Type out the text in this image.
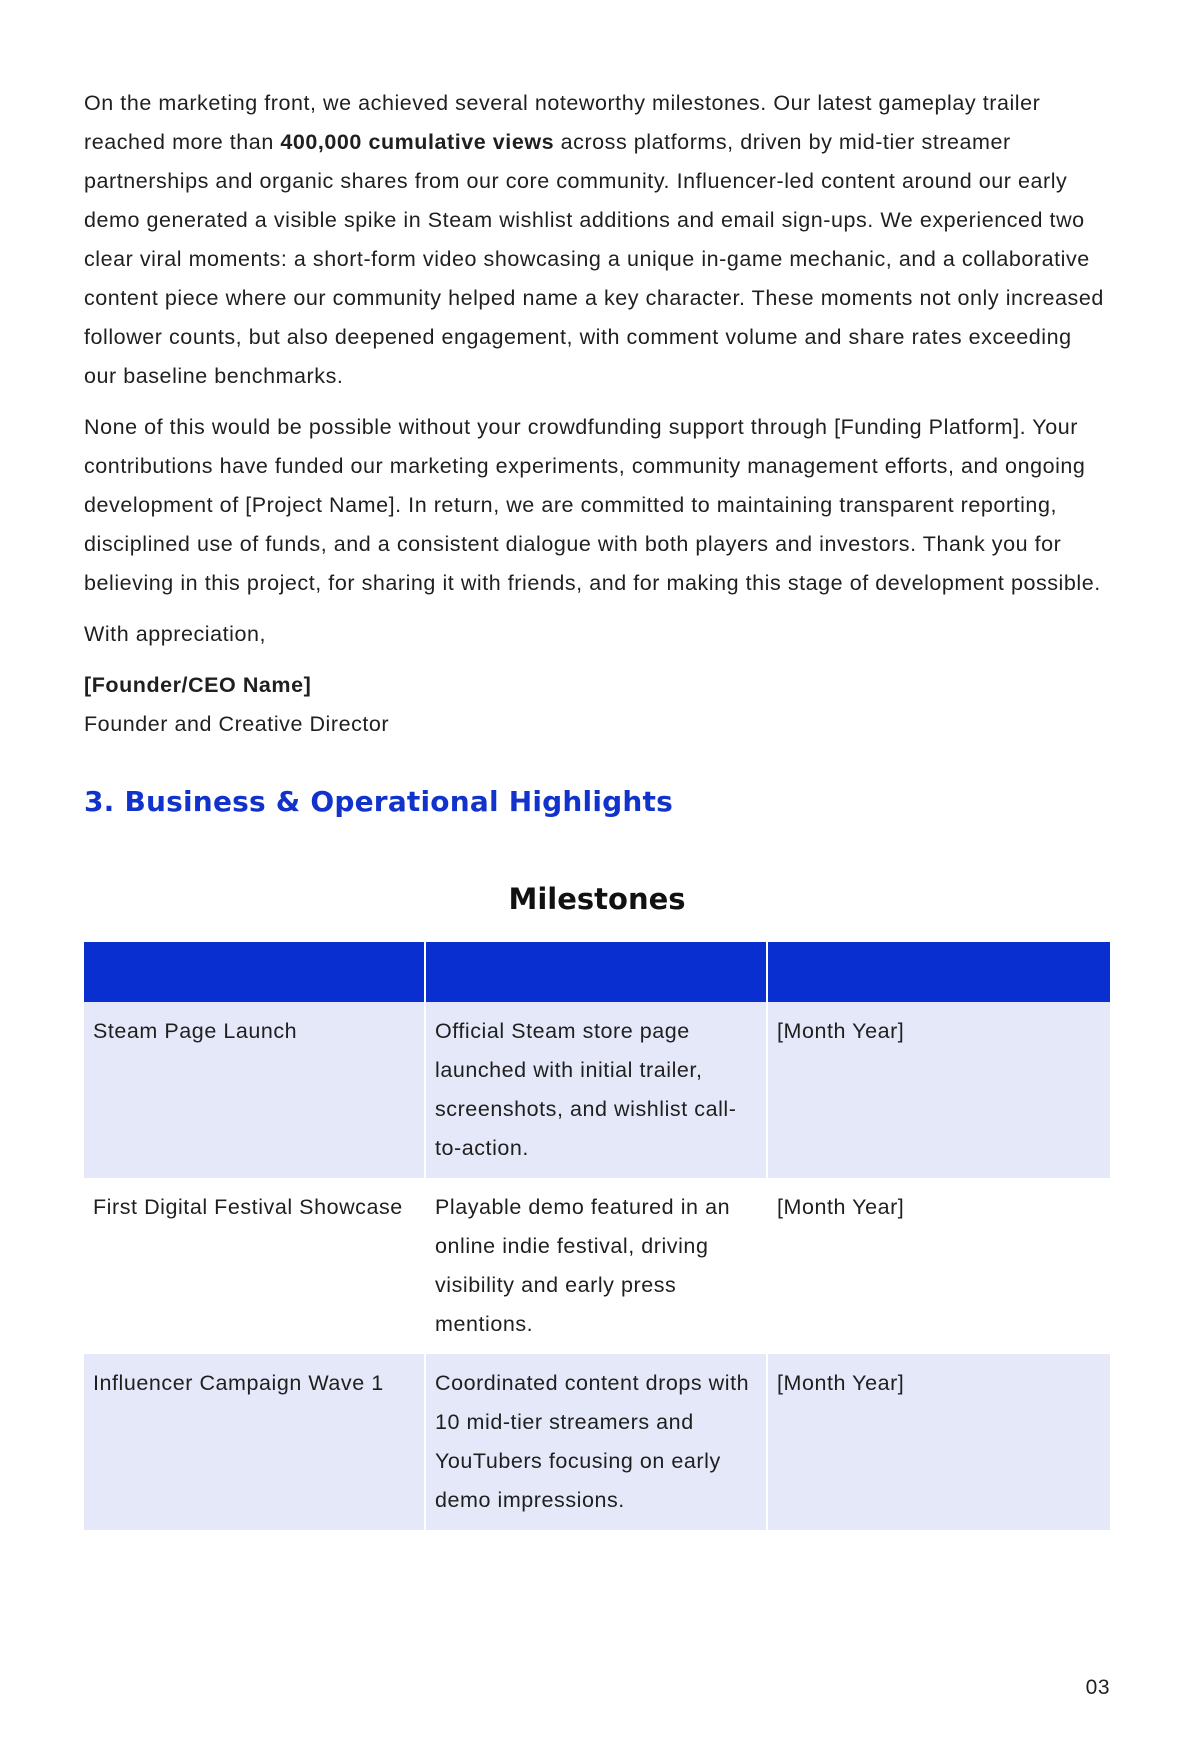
On the marketing front, we achieved several noteworthy milestones. Our latest gameplay trailer reached more than 400,000 cumulative views across platforms, driven by mid-tier streamer partnerships and organic shares from our core community. Influencer-led content around our early demo generated a visible spike in Steam wishlist additions and email sign-ups. We experienced two clear viral moments: a short-form video showcasing a unique in-game mechanic, and a collaborative content piece where our community helped name a key character. These moments not only increased follower counts, but also deepened engagement, with comment volume and share rates exceeding our baseline benchmarks.

None of this would be possible without your crowdfunding support through [Funding Platform]. Your contributions have funded our marketing experiments, community management efforts, and ongoing development of [Project Name]. In return, we are committed to maintaining transparent reporting, disciplined use of funds, and a consistent dialogue with both players and investors. Thank you for believing in this project, for sharing it with friends, and for making this stage of development possible.

With appreciation,

[Founder/CEO Name]

Founder and Creative Director

3. Business & Operational Highlights
Milestones

Steam Page Launch	Official Steam store page launched with initial trailer, screenshots, and wishlist call-to-action.	[Month Year]
First Digital Festival Showcase	Playable demo featured in an online indie festival, driving visibility and early press mentions.	[Month Year]
Influencer Campaign Wave 1	Coordinated content drops with 10 mid-tier streamers and YouTubers focusing on early demo impressions.	[Month Year]
03
